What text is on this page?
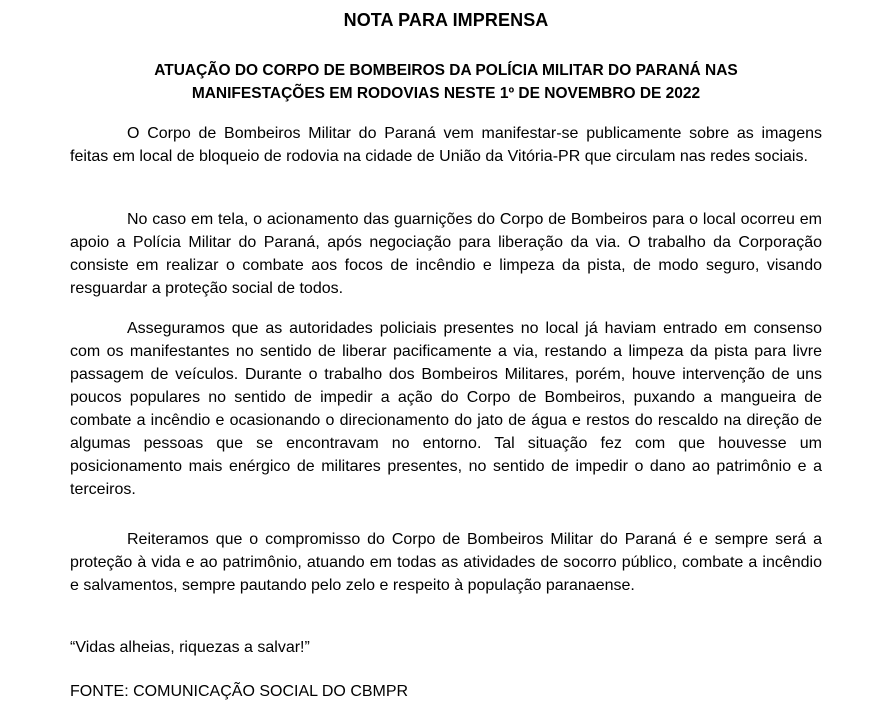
NOTA PARA IMPRENSA
ATUAÇÃO DO CORPO DE BOMBEIROS DA POLÍCIA MILITAR DO PARANÁ NAS
MANIFESTAÇÕES EM RODOVIAS NESTE 1º DE NOVEMBRO DE 2022

O Corpo de Bombeiros Militar do Paraná vem manifestar-se publicamente sobre as imagens feitas em local de bloqueio de rodovia na cidade de União da Vitória-PR que circulam nas redes sociais.

No caso em tela, o acionamento das guarnições do Corpo de Bombeiros para o local ocorreu em apoio a Polícia Militar do Paraná, após negociação para liberação da via. O trabalho da Corporação consiste em realizar o combate aos focos de incêndio e limpeza da pista, de modo seguro, visando resguardar a proteção social de todos.

Asseguramos que as autoridades policiais presentes no local já haviam entrado em consenso com os manifestantes no sentido de liberar pacificamente a via, restando a limpeza da pista para livre passagem de veículos. Durante o trabalho dos Bombeiros Militares, porém, houve intervenção de uns poucos populares no sentido de impedir a ação do Corpo de Bombeiros, puxando a mangueira de combate a incêndio e ocasionando o direcionamento do jato de água e restos do rescaldo na direção de algumas pessoas que se encontravam no entorno. Tal situação fez com que houvesse um posicionamento mais enérgico de militares presentes, no sentido de impedir o dano ao patrimônio e a terceiros.

Reiteramos que o compromisso do Corpo de Bombeiros Militar do Paraná é e sempre será a proteção à vida e ao patrimônio, atuando em todas as atividades de socorro público, combate a incêndio e salvamentos, sempre pautando pelo zelo e respeito à população paranaense.

“Vidas alheias, riquezas a salvar!”

FONTE: COMUNICAÇÃO SOCIAL DO CBMPR
